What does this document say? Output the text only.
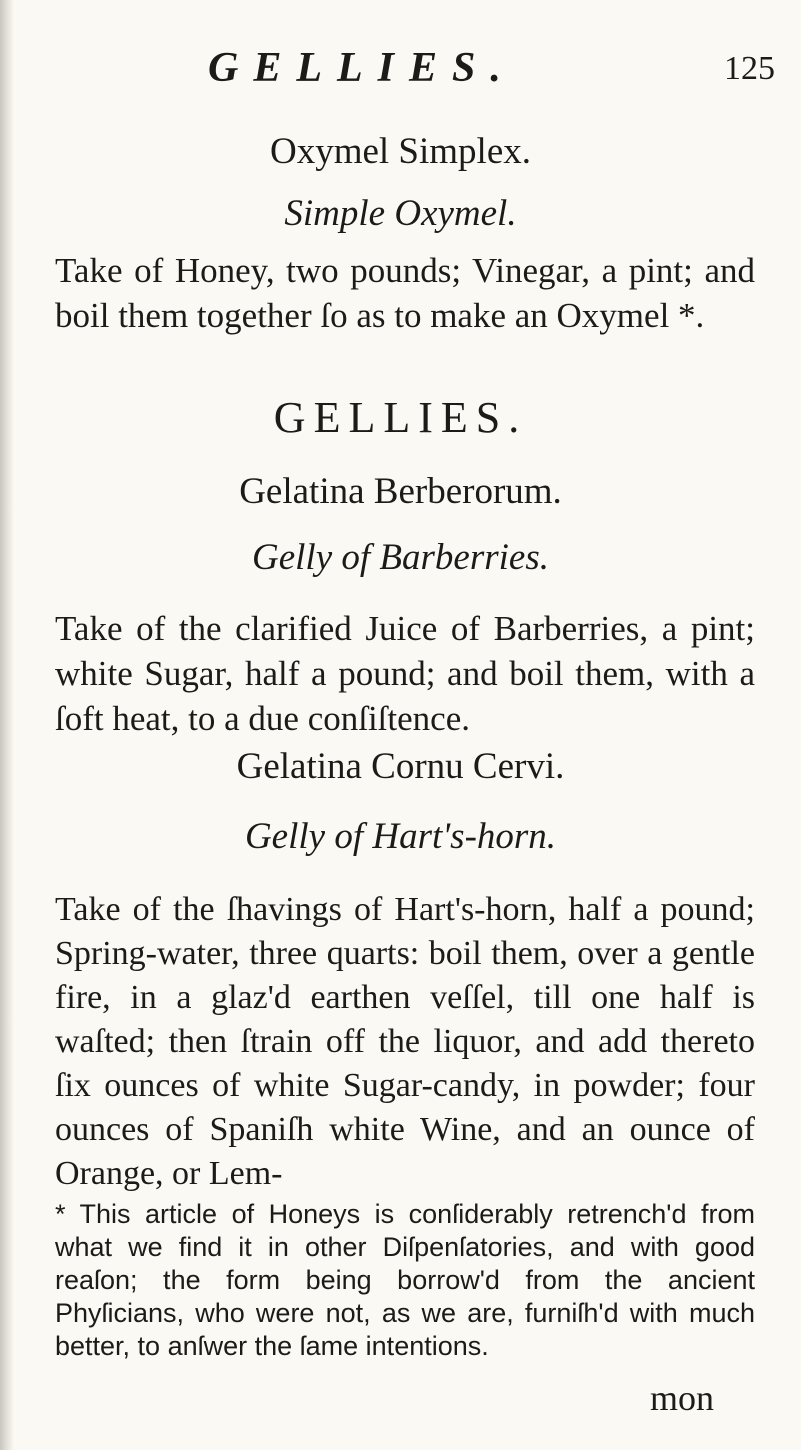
GELLIES.	125
Oxymel Simplex.
Simple Oxymel.
Take of Honey, two pounds; Vinegar, a pint; and boil them together ſo as to make an Oxymel *.
GELLIES.
Gelatina Berberorum.
Gelly of Barberries.
Take of the clarified Juice of Barberries, a pint; white Sugar, half a pound; and boil them, with a ſoft heat, to a due conſiſtence.
Gelatina Cornu Cervi.
Gelly of Hart's-horn.
Take of the ſhavings of Hart's-horn, half a pound; Spring-water, three quarts: boil them, over a gentle fire, in a glaz'd earthen veſſel, till one half is waſted; then ſtrain off the liquor, and add thereto ſix ounces of white Sugar-candy, in powder; four ounces of Spaniſh white Wine, and an ounce of Orange, or Lem-
* This article of Honeys is conſiderably retrench'd from what we find it in other Diſpenſatories, and with good reaſon; the form being borrow'd from the ancient Phyſicians, who were not, as we are, furniſh'd with much better, to anſwer the ſame intentions.
mon
